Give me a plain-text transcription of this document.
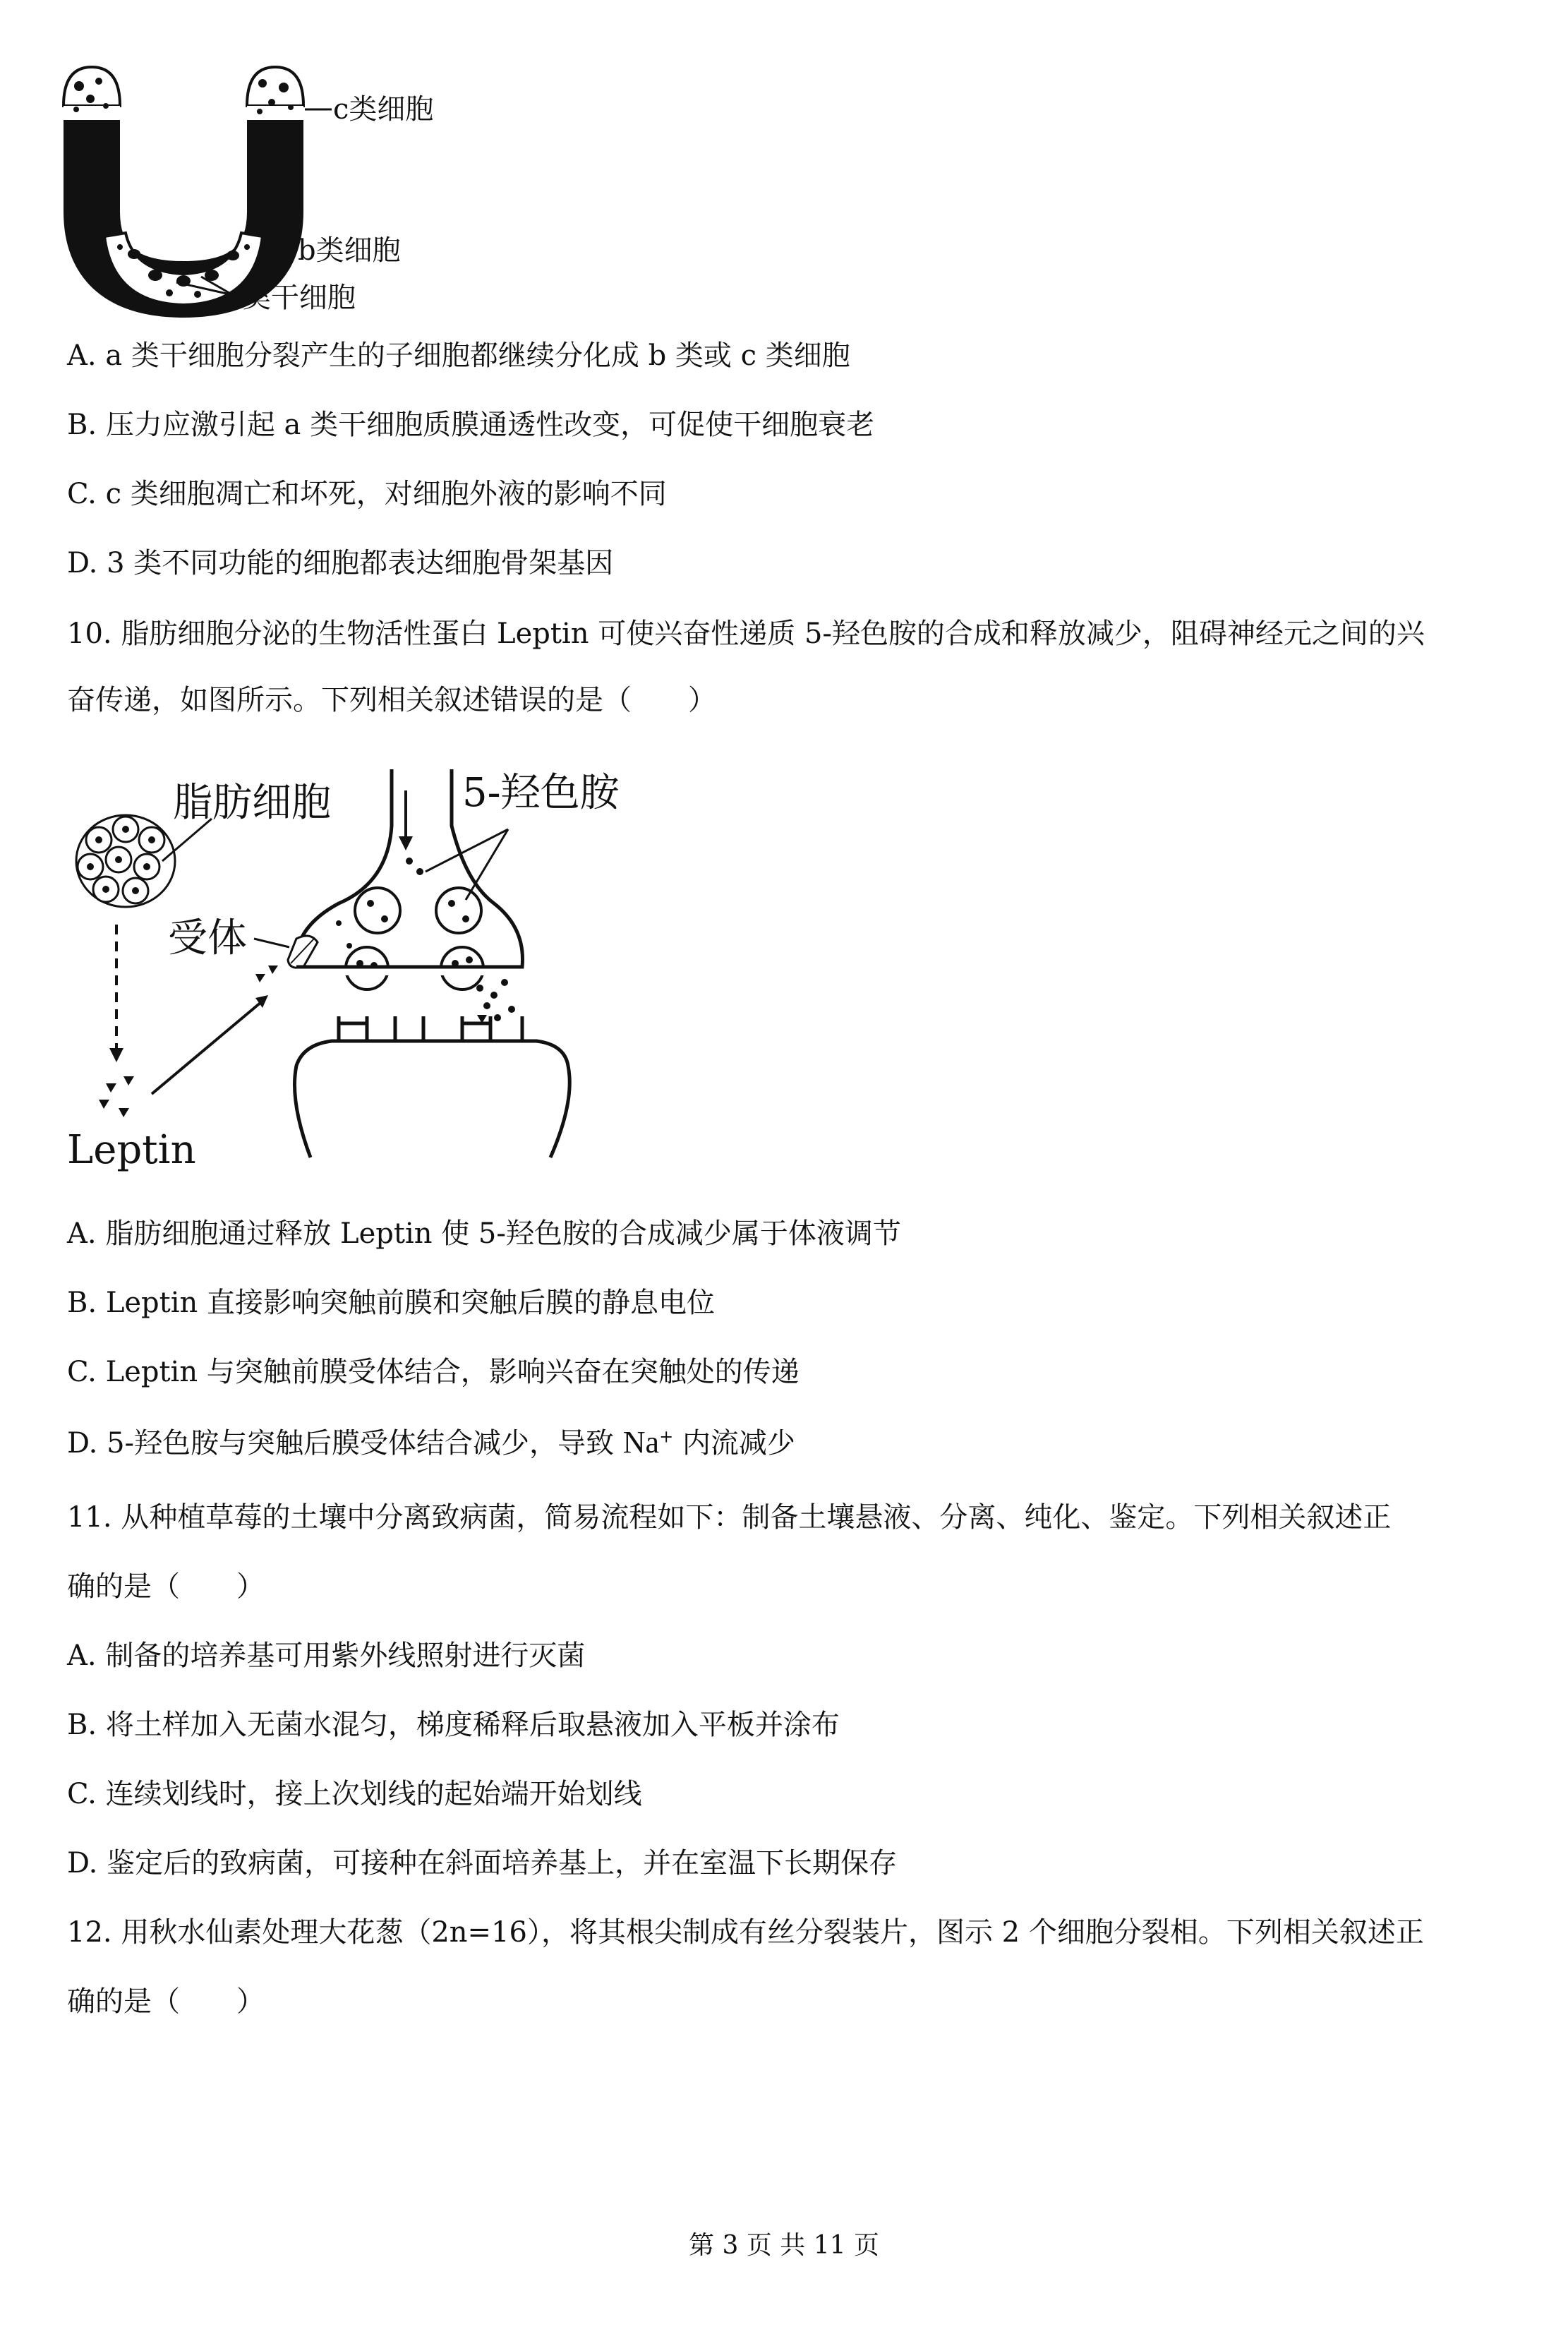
c类细胞
b类细胞
a类干细胞
A. a 类干细胞分裂产生的子细胞都继续分化成 b 类或 c 类细胞
B. 压力应激引起 a 类干细胞质膜通透性改变，可促使干细胞衰老
C. c 类细胞凋亡和坏死，对细胞外液的影响不同
D. 3 类不同功能的细胞都表达细胞骨架基因
10. 脂肪细胞分泌的生物活性蛋白 Leptin 可使兴奋性递质 5-羟色胺的合成和释放减少，阻碍神经元之间的兴
奋传递，如图所示。下列相关叙述错误的是（　　）
脂肪细胞	5-羟色胺
受体
Leptin
A. 脂肪细胞通过释放 Leptin 使 5-羟色胺的合成减少属于体液调节
B. Leptin 直接影响突触前膜和突触后膜的静息电位
C. Leptin 与突触前膜受体结合，影响兴奋在突触处的传递
D. 5-羟色胺与突触后膜受体结合减少，导致 Na+ 内流减少
11. 从种植草莓的土壤中分离致病菌，简易流程如下：制备土壤悬液、分离、纯化、鉴定。下列相关叙述正
确的是（　　）
A. 制备的培养基可用紫外线照射进行灭菌
B. 将土样加入无菌水混匀，梯度稀释后取悬液加入平板并涂布
C. 连续划线时，接上次划线的起始端开始划线
D. 鉴定后的致病菌，可接种在斜面培养基上，并在室温下长期保存
12. 用秋水仙素处理大花葱（2n=16），将其根尖制成有丝分裂装片，图示 2 个细胞分裂相。下列相关叙述正
确的是（　　）
第 3 页 共 11 页
